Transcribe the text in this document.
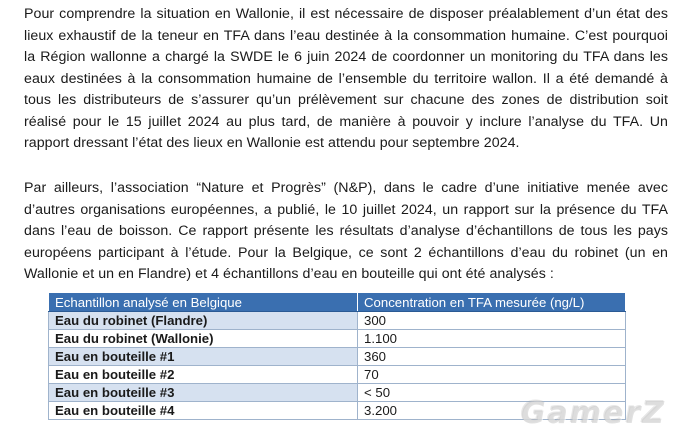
Pour comprendre la situation en Wallonie, il est nécessaire de disposer préalablement d’un état des lieux exhaustif de la teneur en TFA dans l’eau destinée à la consommation humaine. C’est pourquoi la Région wallonne a chargé la SWDE le 6 juin 2024 de coordonner un monitoring du TFA dans les eaux destinées à la consommation humaine de l’ensemble du territoire wallon. Il a été demandé à tous les distributeurs de s’assurer qu’un prélèvement sur chacune des zones de distribution soit réalisé pour le 15 juillet 2024 au plus tard, de manière à pouvoir y inclure l’analyse du TFA. Un rapport dressant l’état des lieux en Wallonie est attendu pour septembre 2024.

Par ailleurs, l’association “Nature et Progrès” (N&P), dans le cadre d’une initiative menée avec d’autres organisations européennes, a publié, le 10 juillet 2024, un rapport sur la présence du TFA dans l’eau de boisson. Ce rapport présente les résultats d’analyse d’échantillons de tous les pays européens participant à l’étude. Pour la Belgique, ce sont 2 échantillons d’eau du robinet (un en Wallonie et un en Flandre) et 4 échantillons d’eau en bouteille qui ont été analysés :

Echantillon analysé en Belgique	Concentration en TFA mesurée (ng/L)
Eau du robinet (Flandre)	300
Eau du robinet (Wallonie)	1.100
Eau en bouteille #1	360
Eau en bouteille #2	70
Eau en bouteille #3	< 50
Eau en bouteille #4	3.200	GamerZ
